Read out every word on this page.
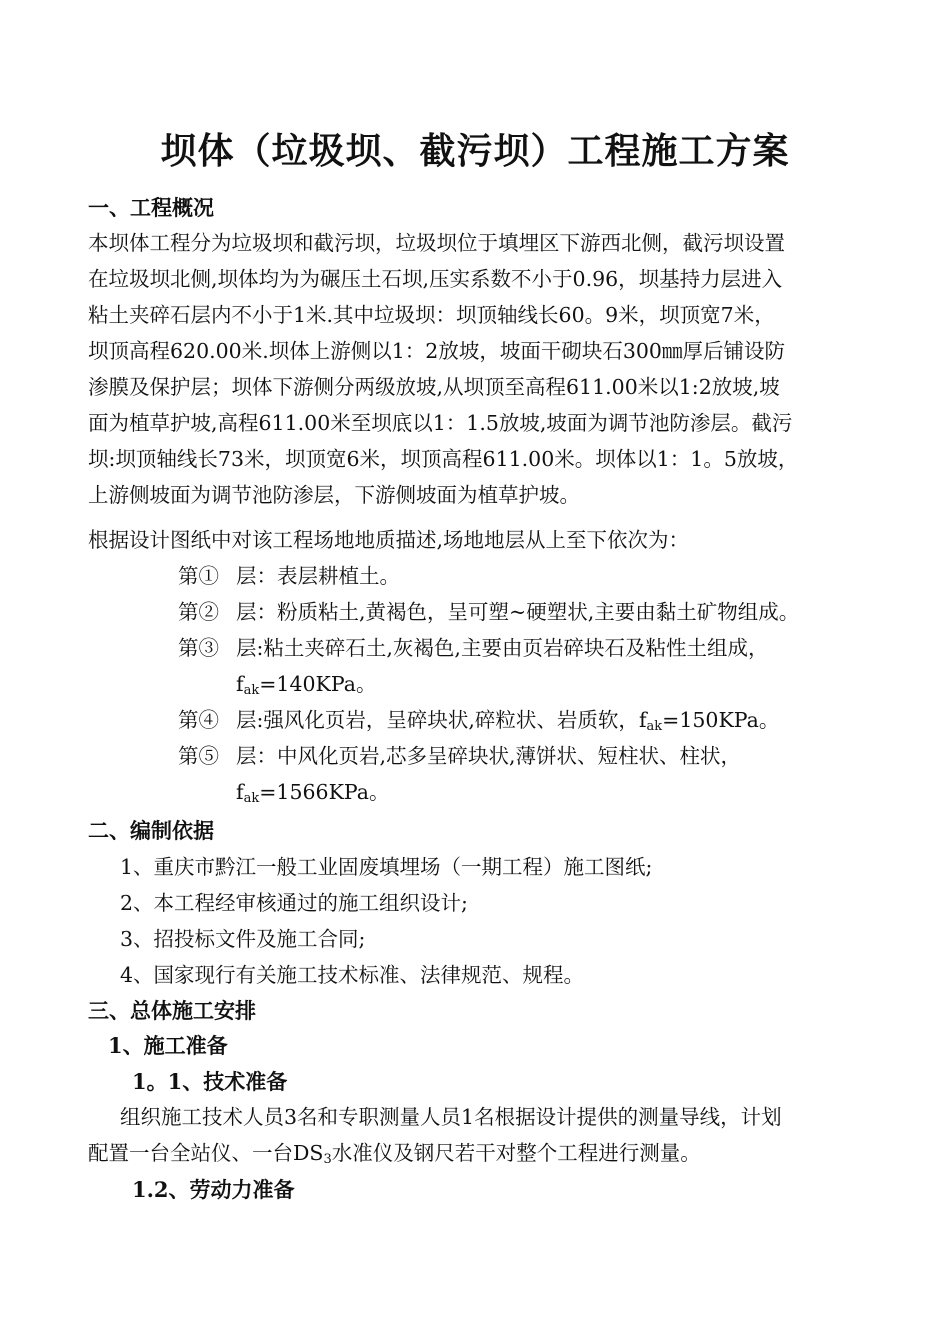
坝体（垃圾坝、截污坝）工程施工方案
一、工程概况
本坝体工程分为垃圾坝和截污坝，垃圾坝位于填埋区下游西北侧，截污坝设置
在垃圾坝北侧,坝体均为为碾压土石坝,压实系数不小于0.96，坝基持力层进入
粘土夹碎石层内不小于1米.其中垃圾坝：坝顶轴线长60。9米，坝顶宽7米，
坝顶高程620.00米.坝体上游侧以1：2放坡，坡面干砌块石300㎜厚后铺设防
渗膜及保护层；坝体下游侧分两级放坡,从坝顶至高程611.00米以1:2放坡,坡
面为植草护坡,高程611.00米至坝底以1：1.5放坡,坡面为调节池防渗层。截污
坝:坝顶轴线长73米，坝顶宽6米，坝顶高程611.00米。坝体以1：1。5放坡，
上游侧坡面为调节池防渗层，下游侧坡面为植草护坡。
根据设计图纸中对该工程场地地质描述,场地地层从上至下依次为：
第① 层：表层耕植土。
第② 层：粉质粘土,黄褐色，呈可塑~硬塑状,主要由黏土矿物组成。
第③ 层:粘土夹碎石土,灰褐色,主要由页岩碎块石及粘性土组成，
$f_{ak}=140KPa$。
第④ 层:强风化页岩，呈碎块状,碎粒状、岩质软，$f_{ak}=150KPa$。
第⑤ 层：中风化页岩,芯多呈碎块状,薄饼状、短柱状、柱状，
$f_{ak}=1566KPa$。
二、编制依据
1、重庆市黔江一般工业固废填埋场（一期工程）施工图纸;
2、本工程经审核通过的施工组织设计;
3、招投标文件及施工合同;
4、国家现行有关施工技术标准、法律规范、规程。
三、总体施工安排
1、施工准备
1。1、技术准备
组织施工技术人员3名和专职测量人员1名根据设计提供的测量导线，计划
配置一台全站仪、一台$DS_3$水准仪及钢尺若干对整个工程进行测量。
1.2、劳动力准备
